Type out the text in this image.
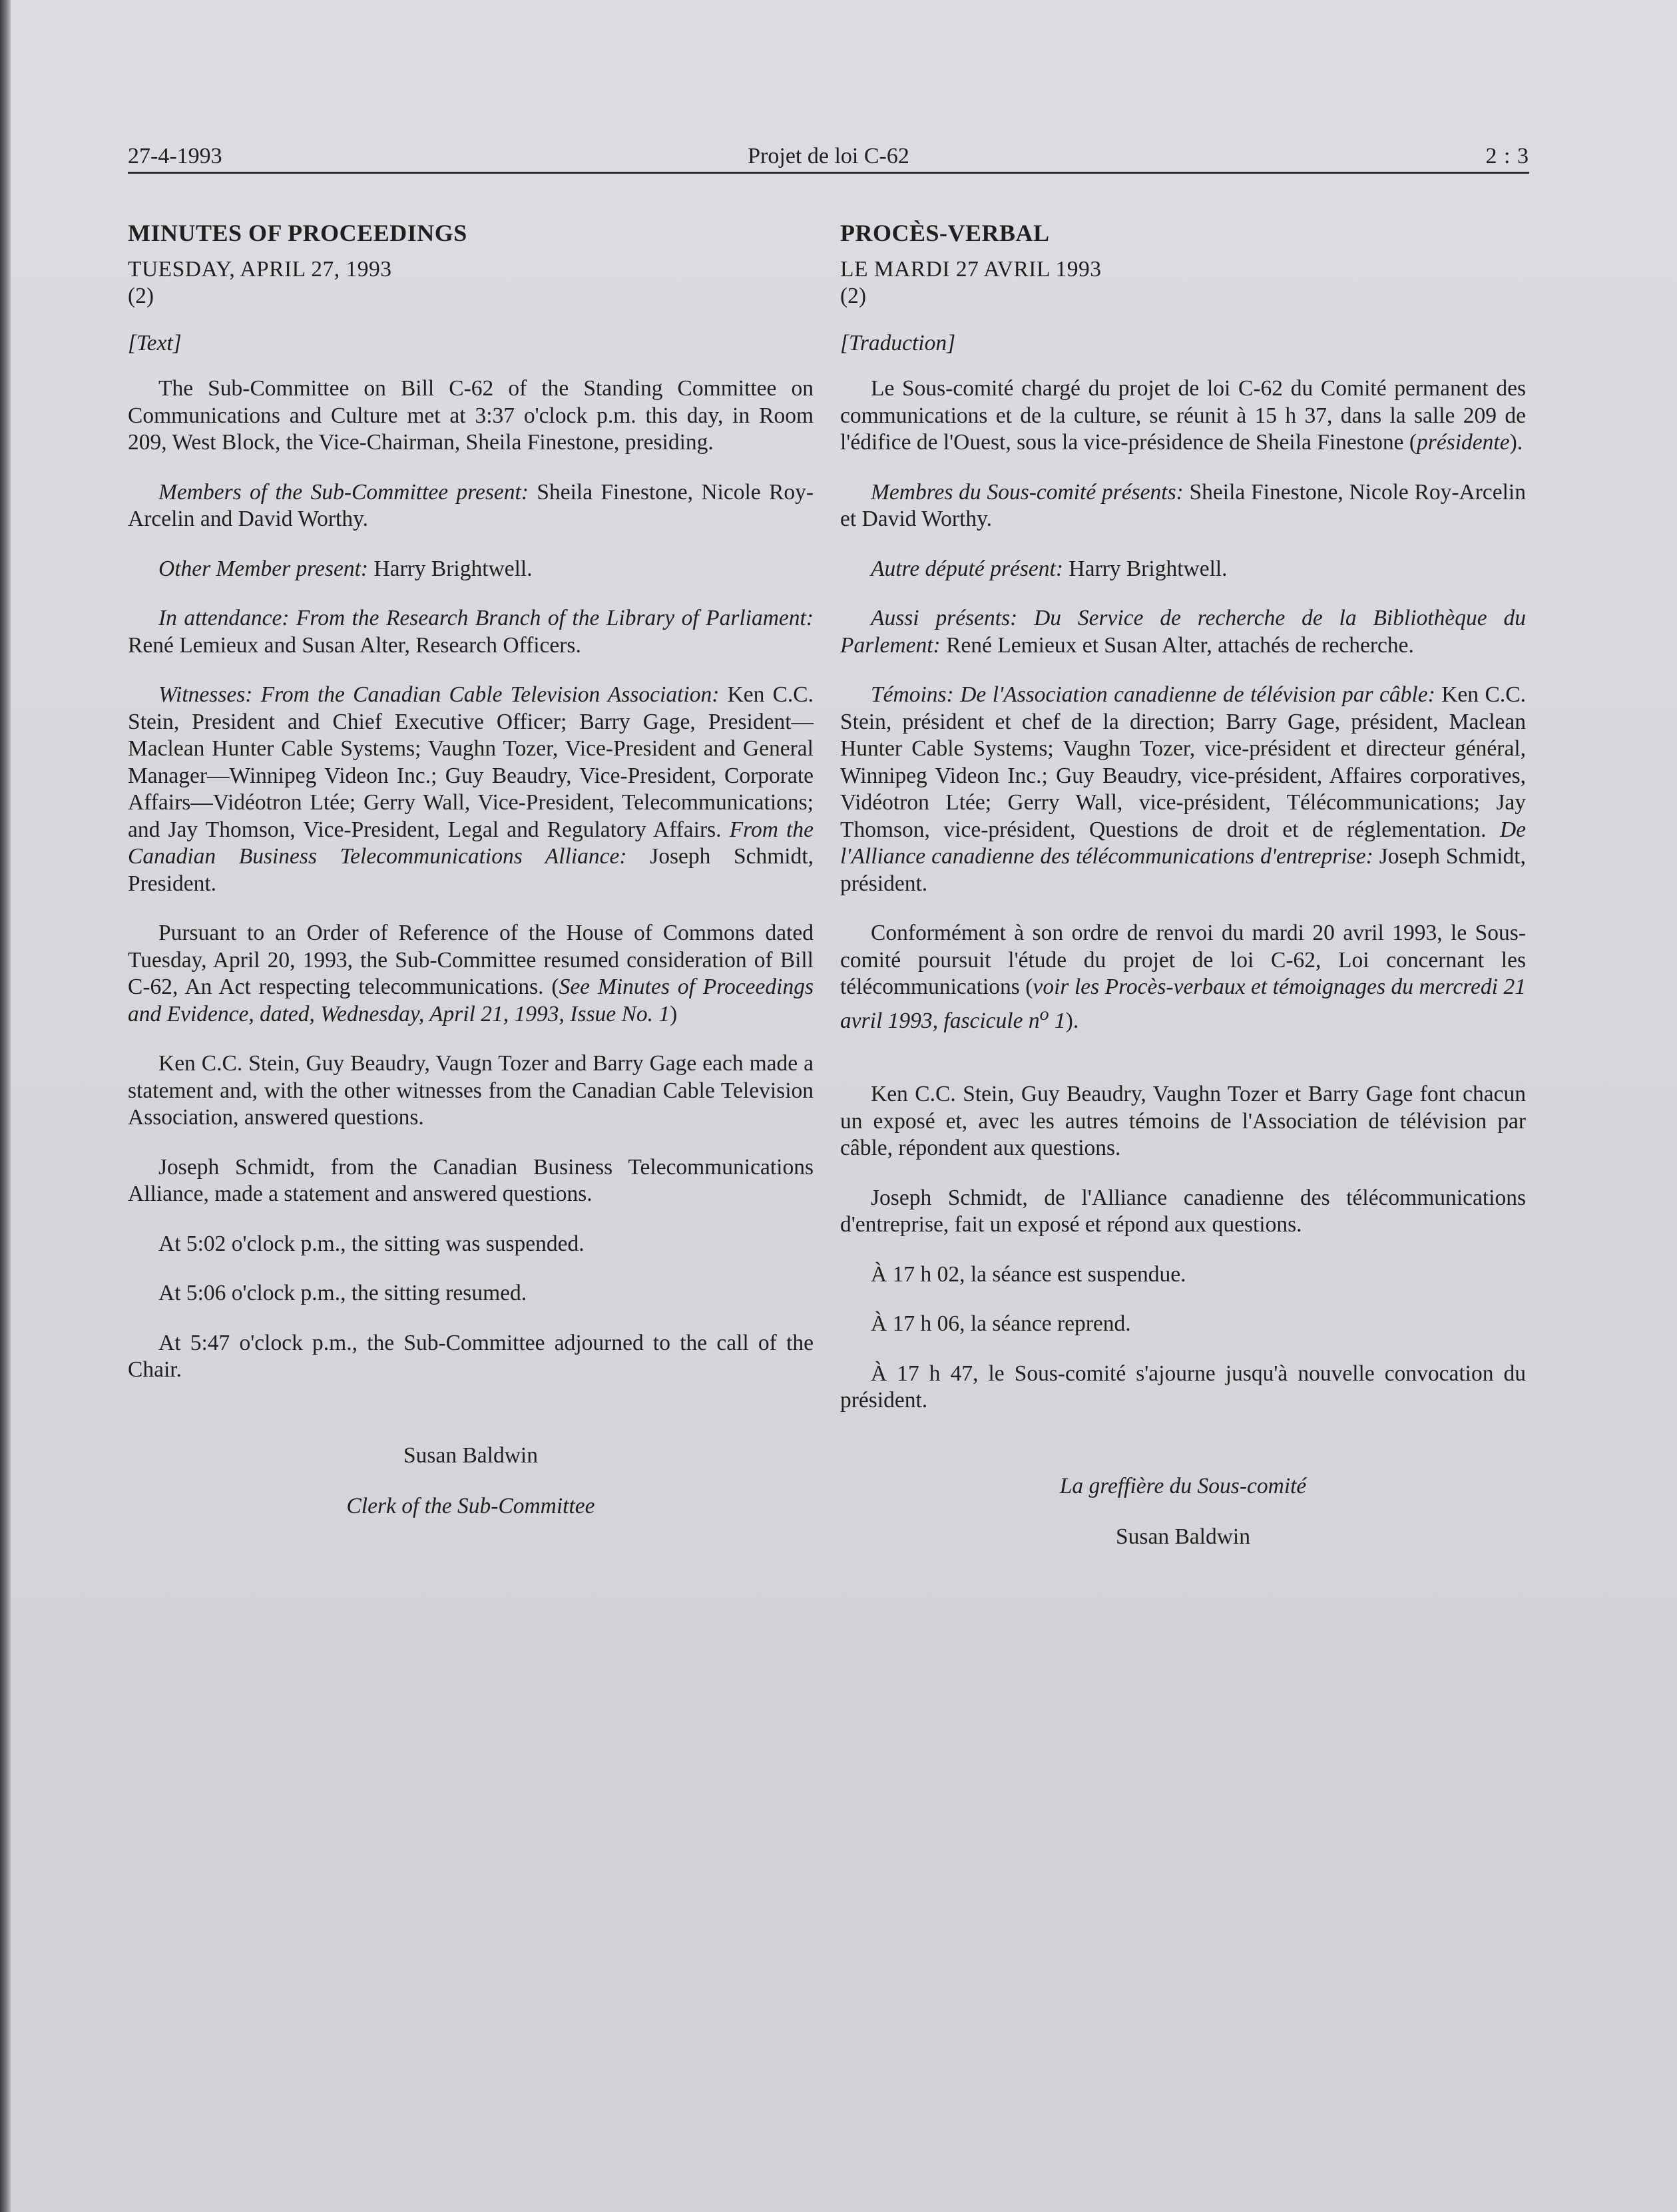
27-4-1993	Projet de loi C-62	2 : 3

MINUTES OF PROCEEDINGS

TUESDAY, APRIL 27, 1993

(2)

[Text]

The Sub-Committee on Bill C-62 of the Standing Committee on Communications and Culture met at 3:37 o'clock p.m. this day, in Room 209, West Block, the Vice-Chairman, Sheila Finestone, presiding.

Members of the Sub-Committee present: Sheila Finestone, Nicole Roy-Arcelin and David Worthy.

Other Member present: Harry Brightwell.

In attendance: From the Research Branch of the Library of Parliament: René Lemieux and Susan Alter, Research Officers.

Witnesses: From the Canadian Cable Television Association: Ken C.C. Stein, President and Chief Executive Officer; Barry Gage, President—Maclean Hunter Cable Systems; Vaughn Tozer, Vice-President and General Manager—Winnipeg Videon Inc.; Guy Beaudry, Vice-President, Corporate Affairs—Vidéotron Ltée; Gerry Wall, Vice-President, Telecommunications; and Jay Thomson, Vice-President, Legal and Regulatory Affairs. From the Canadian Business Telecommunications Alliance: Joseph Schmidt, President.

Pursuant to an Order of Reference of the House of Commons dated Tuesday, April 20, 1993, the Sub-Committee resumed consideration of Bill C-62, An Act respecting telecommunications. (See Minutes of Proceedings and Evidence, dated, Wednesday, April 21, 1993, Issue No. 1)

Ken C.C. Stein, Guy Beaudry, Vaugn Tozer and Barry Gage each made a statement and, with the other witnesses from the Canadian Cable Television Association, answered questions.

Joseph Schmidt, from the Canadian Business Telecommunications Alliance, made a statement and answered questions.

At 5:02 o'clock p.m., the sitting was suspended.

At 5:06 o'clock p.m., the sitting resumed.

At 5:47 o'clock p.m., the Sub-Committee adjourned to the call of the Chair.

Susan Baldwin

Clerk of the Sub-Committee

PROCÈS-VERBAL

LE MARDI 27 AVRIL 1993

(2)

[Traduction]

Le Sous-comité chargé du projet de loi C-62 du Comité permanent des communications et de la culture, se réunit à 15 h 37, dans la salle 209 de l'édifice de l'Ouest, sous la vice-présidence de Sheila Finestone (présidente).

Membres du Sous-comité présents: Sheila Finestone, Nicole Roy-Arcelin et David Worthy.

Autre député présent: Harry Brightwell.

Aussi présents: Du Service de recherche de la Bibliothèque du Parlement: René Lemieux et Susan Alter, attachés de recherche.

Témoins: De l'Association canadienne de télévision par câble: Ken C.C. Stein, président et chef de la direction; Barry Gage, président, Maclean Hunter Cable Systems; Vaughn Tozer, vice-président et directeur général, Winnipeg Videon Inc.; Guy Beaudry, vice-président, Affaires corporatives, Vidéotron Ltée; Gerry Wall, vice-président, Télécommunications; Jay Thomson, vice-président, Questions de droit et de réglementation. De l'Alliance canadienne des télécommunications d'entreprise: Joseph Schmidt, président.

Conformément à son ordre de renvoi du mardi 20 avril 1993, le Sous-comité poursuit l'étude du projet de loi C-62, Loi concernant les télécommunications (voir les Procès-verbaux et témoignages du mercredi 21 avril 1993, fascicule $n^o$ 1).

Ken C.C. Stein, Guy Beaudry, Vaughn Tozer et Barry Gage font chacun un exposé et, avec les autres témoins de l'Association de télévision par câble, répondent aux questions.

Joseph Schmidt, de l'Alliance canadienne des télécommunications d'entreprise, fait un exposé et répond aux questions.

À 17 h 02, la séance est suspendue.

À 17 h 06, la séance reprend.

À 17 h 47, le Sous-comité s'ajourne jusqu'à nouvelle convocation du président.

La greffière du Sous-comité

Susan Baldwin
